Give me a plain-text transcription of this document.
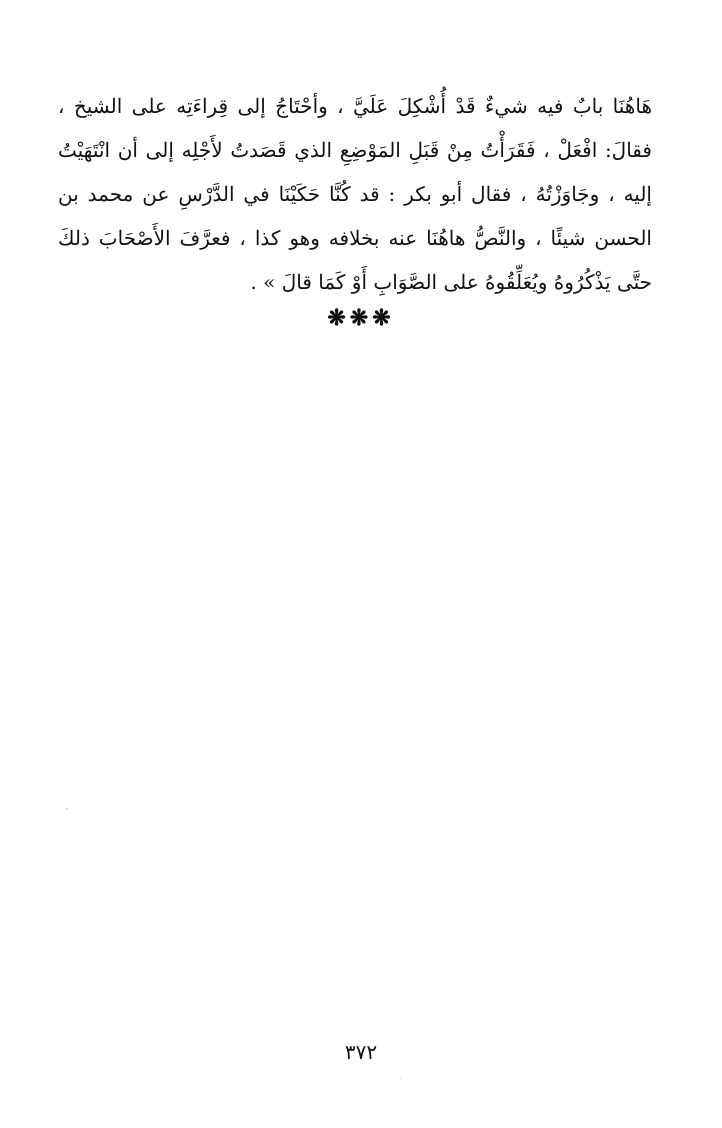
هَاهُنَا بابٌ فيه شيءٌ قَدْ أُشْكِلَ عَلَيَّ ، وأحْتَاجُ إلى قِراءَتِه على الشيخ ،
فقالَ: افْعَلْ ، فَقَرَأْتُ مِنْ قَبَلِ المَوْضِعِ الذي قَصَدتُ لأَجْلِه إلى أن انْتَهَيْتُ
إليه ، وجَاوَزْتُهُ ، فقال أبو بكر : قد كُنَّا حَكَيْنَا في الدَّرْسِ عن محمد بن
الحسن شيئًا ، والنَّصُّ هاهُنَا عنه بخلافه وهو كذا ، فعرَّفَ الأَصْحَابَ ذلكَ
حتَّى يَذْكُرُوهُ ويُعَلِّقُوهُ على الصَّوَابِ أَوْ كَمَا قالَ » .
❋❋❋
٣٧٢
